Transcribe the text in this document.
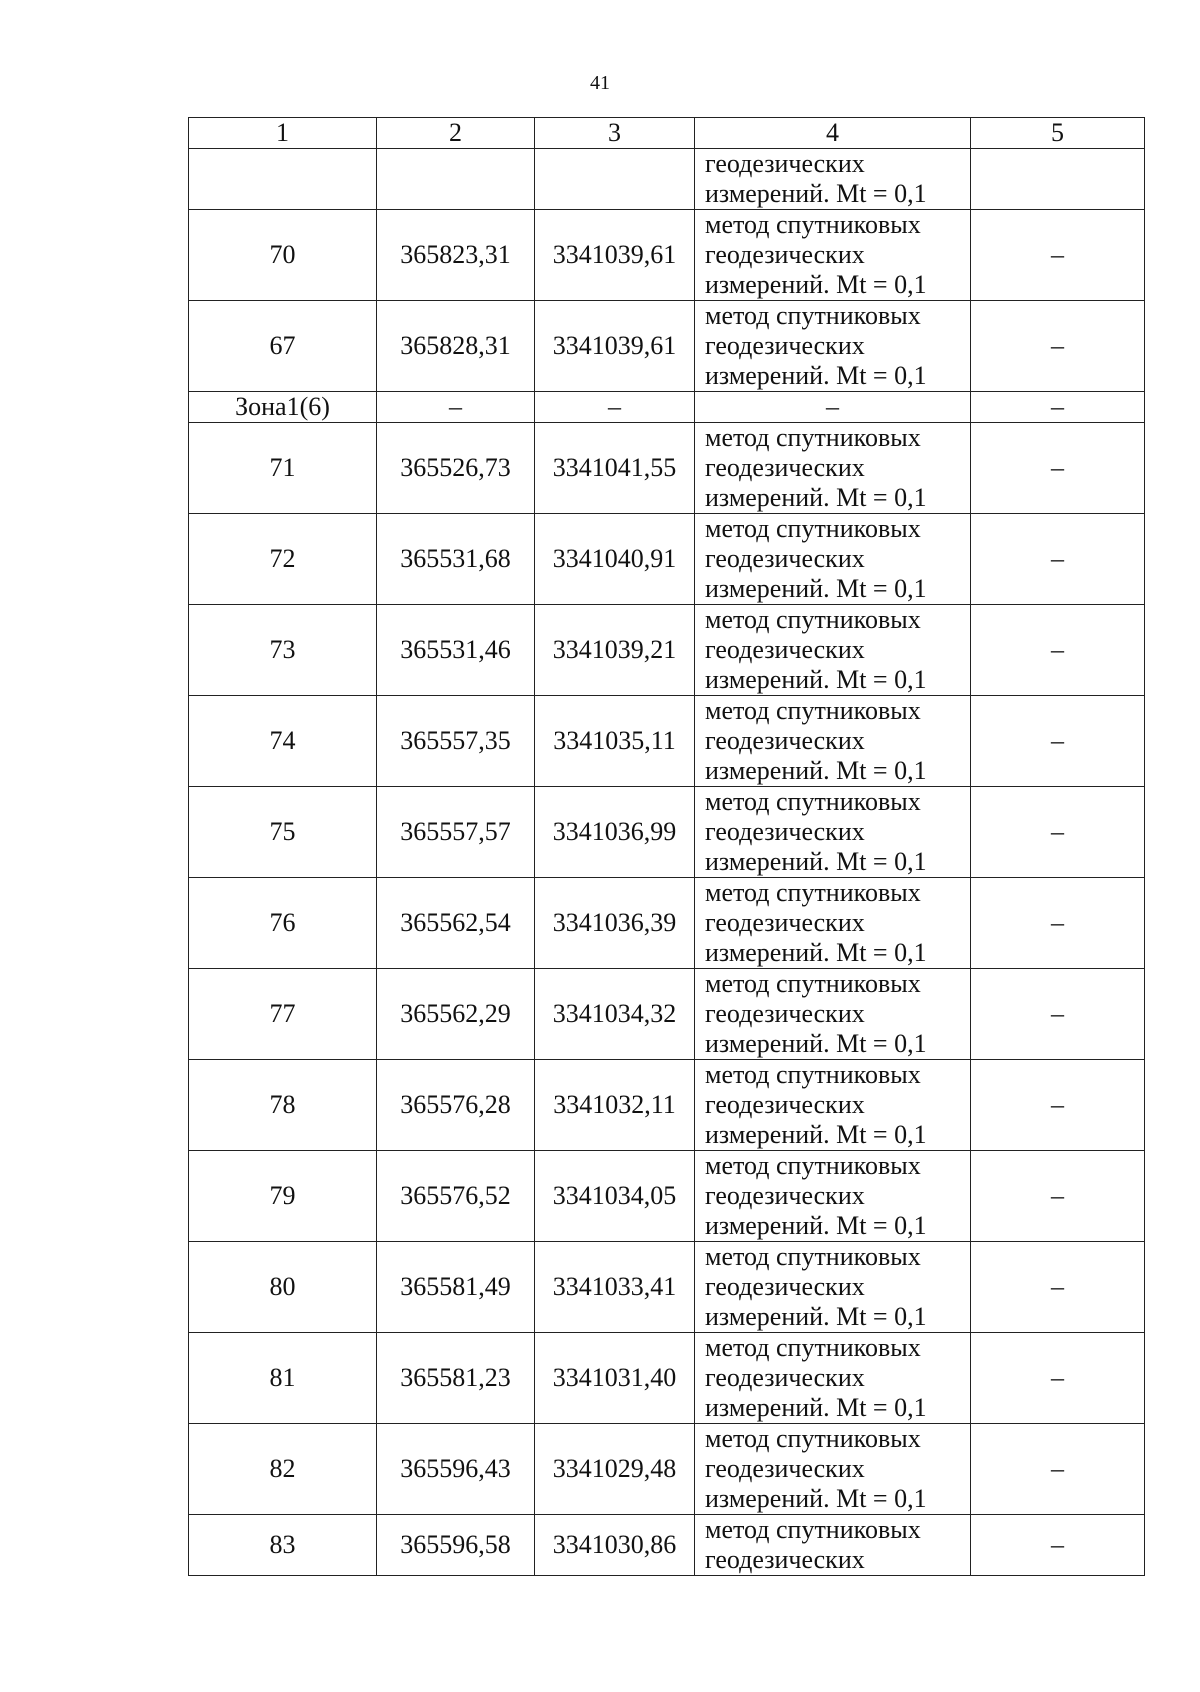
41
1	2	3	4	5

			геодезических
измерений. Mt = 0,1	

70	365823,31	3341039,61	метод спутниковых
геодезических
измерений. Mt = 0,1	–
67	365828,31	3341039,61	метод спутниковых
геодезических
измерений. Mt = 0,1	–
Зона1(6)	–	–	–	–
71	365526,73	3341041,55	метод спутниковых
геодезических
измерений. Mt = 0,1	–
72	365531,68	3341040,91	метод спутниковых
геодезических
измерений. Mt = 0,1	–
73	365531,46	3341039,21	метод спутниковых
геодезических
измерений. Mt = 0,1	–
74	365557,35	3341035,11	метод спутниковых
геодезических
измерений. Mt = 0,1	–
75	365557,57	3341036,99	метод спутниковых
геодезических
измерений. Mt = 0,1	–
76	365562,54	3341036,39	метод спутниковых
геодезических
измерений. Mt = 0,1	–
77	365562,29	3341034,32	метод спутниковых
геодезических
измерений. Mt = 0,1	–
78	365576,28	3341032,11	метод спутниковых
геодезических
измерений. Mt = 0,1	–
79	365576,52	3341034,05	метод спутниковых
геодезических
измерений. Mt = 0,1	–
80	365581,49	3341033,41	метод спутниковых
геодезических
измерений. Mt = 0,1	–
81	365581,23	3341031,40	метод спутниковых
геодезических
измерений. Mt = 0,1	–
82	365596,43	3341029,48	метод спутниковых
геодезических
измерений. Mt = 0,1	–
83	365596,58	3341030,86	метод спутниковых
геодезических	–
